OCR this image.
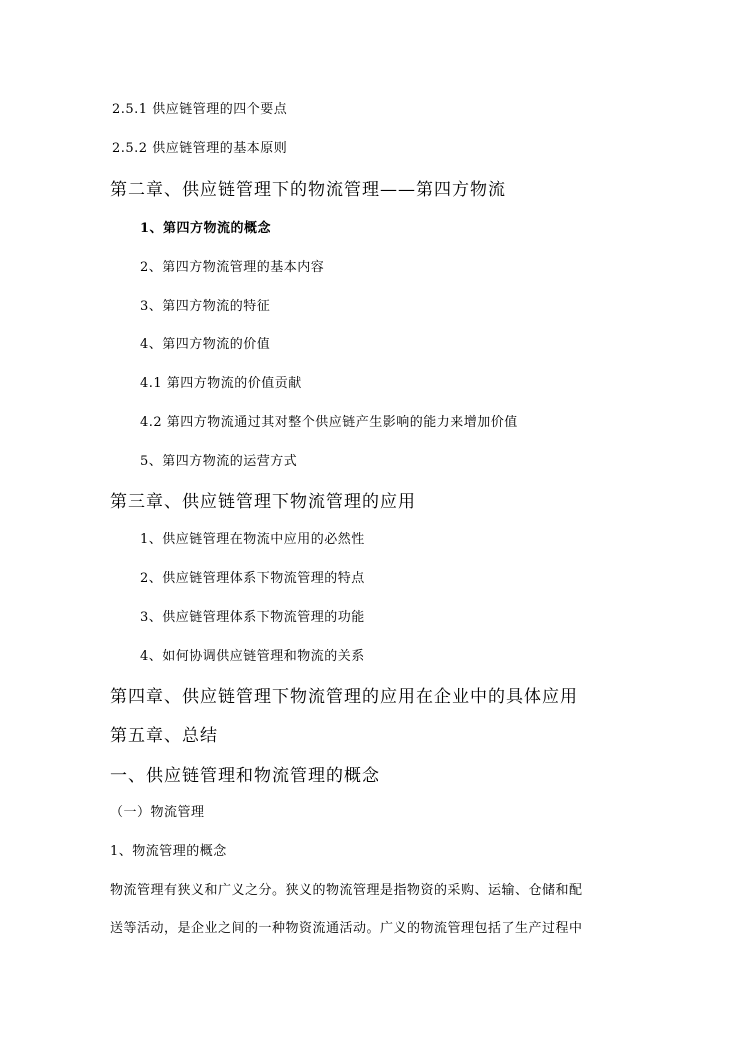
2.5.1 供应链管理的四个要点
2.5.2 供应链管理的基本原则
第二章、供应链管理下的物流管理——第四方物流
1、第四方物流的概念
2、第四方物流管理的基本内容
3、第四方物流的特征
4、第四方物流的价值
4.1 第四方物流的价值贡献
4.2 第四方物流通过其对整个供应链产生影响的能力来增加价值
5、第四方物流的运营方式
第三章、供应链管理下物流管理的应用
1、供应链管理在物流中应用的必然性
2、供应链管理体系下物流管理的特点
3、供应链管理体系下物流管理的功能
4、如何协调供应链管理和物流的关系
第四章、供应链管理下物流管理的应用在企业中的具体应用
第五章、总结
一、供应链管理和物流管理的概念
（一）物流管理
1、物流管理的概念
物流管理有狭义和广义之分。狭义的物流管理是指物资的采购、运输、仓储和配
送等活动，是企业之间的一种物资流通活动。广义的物流管理包括了生产过程中
